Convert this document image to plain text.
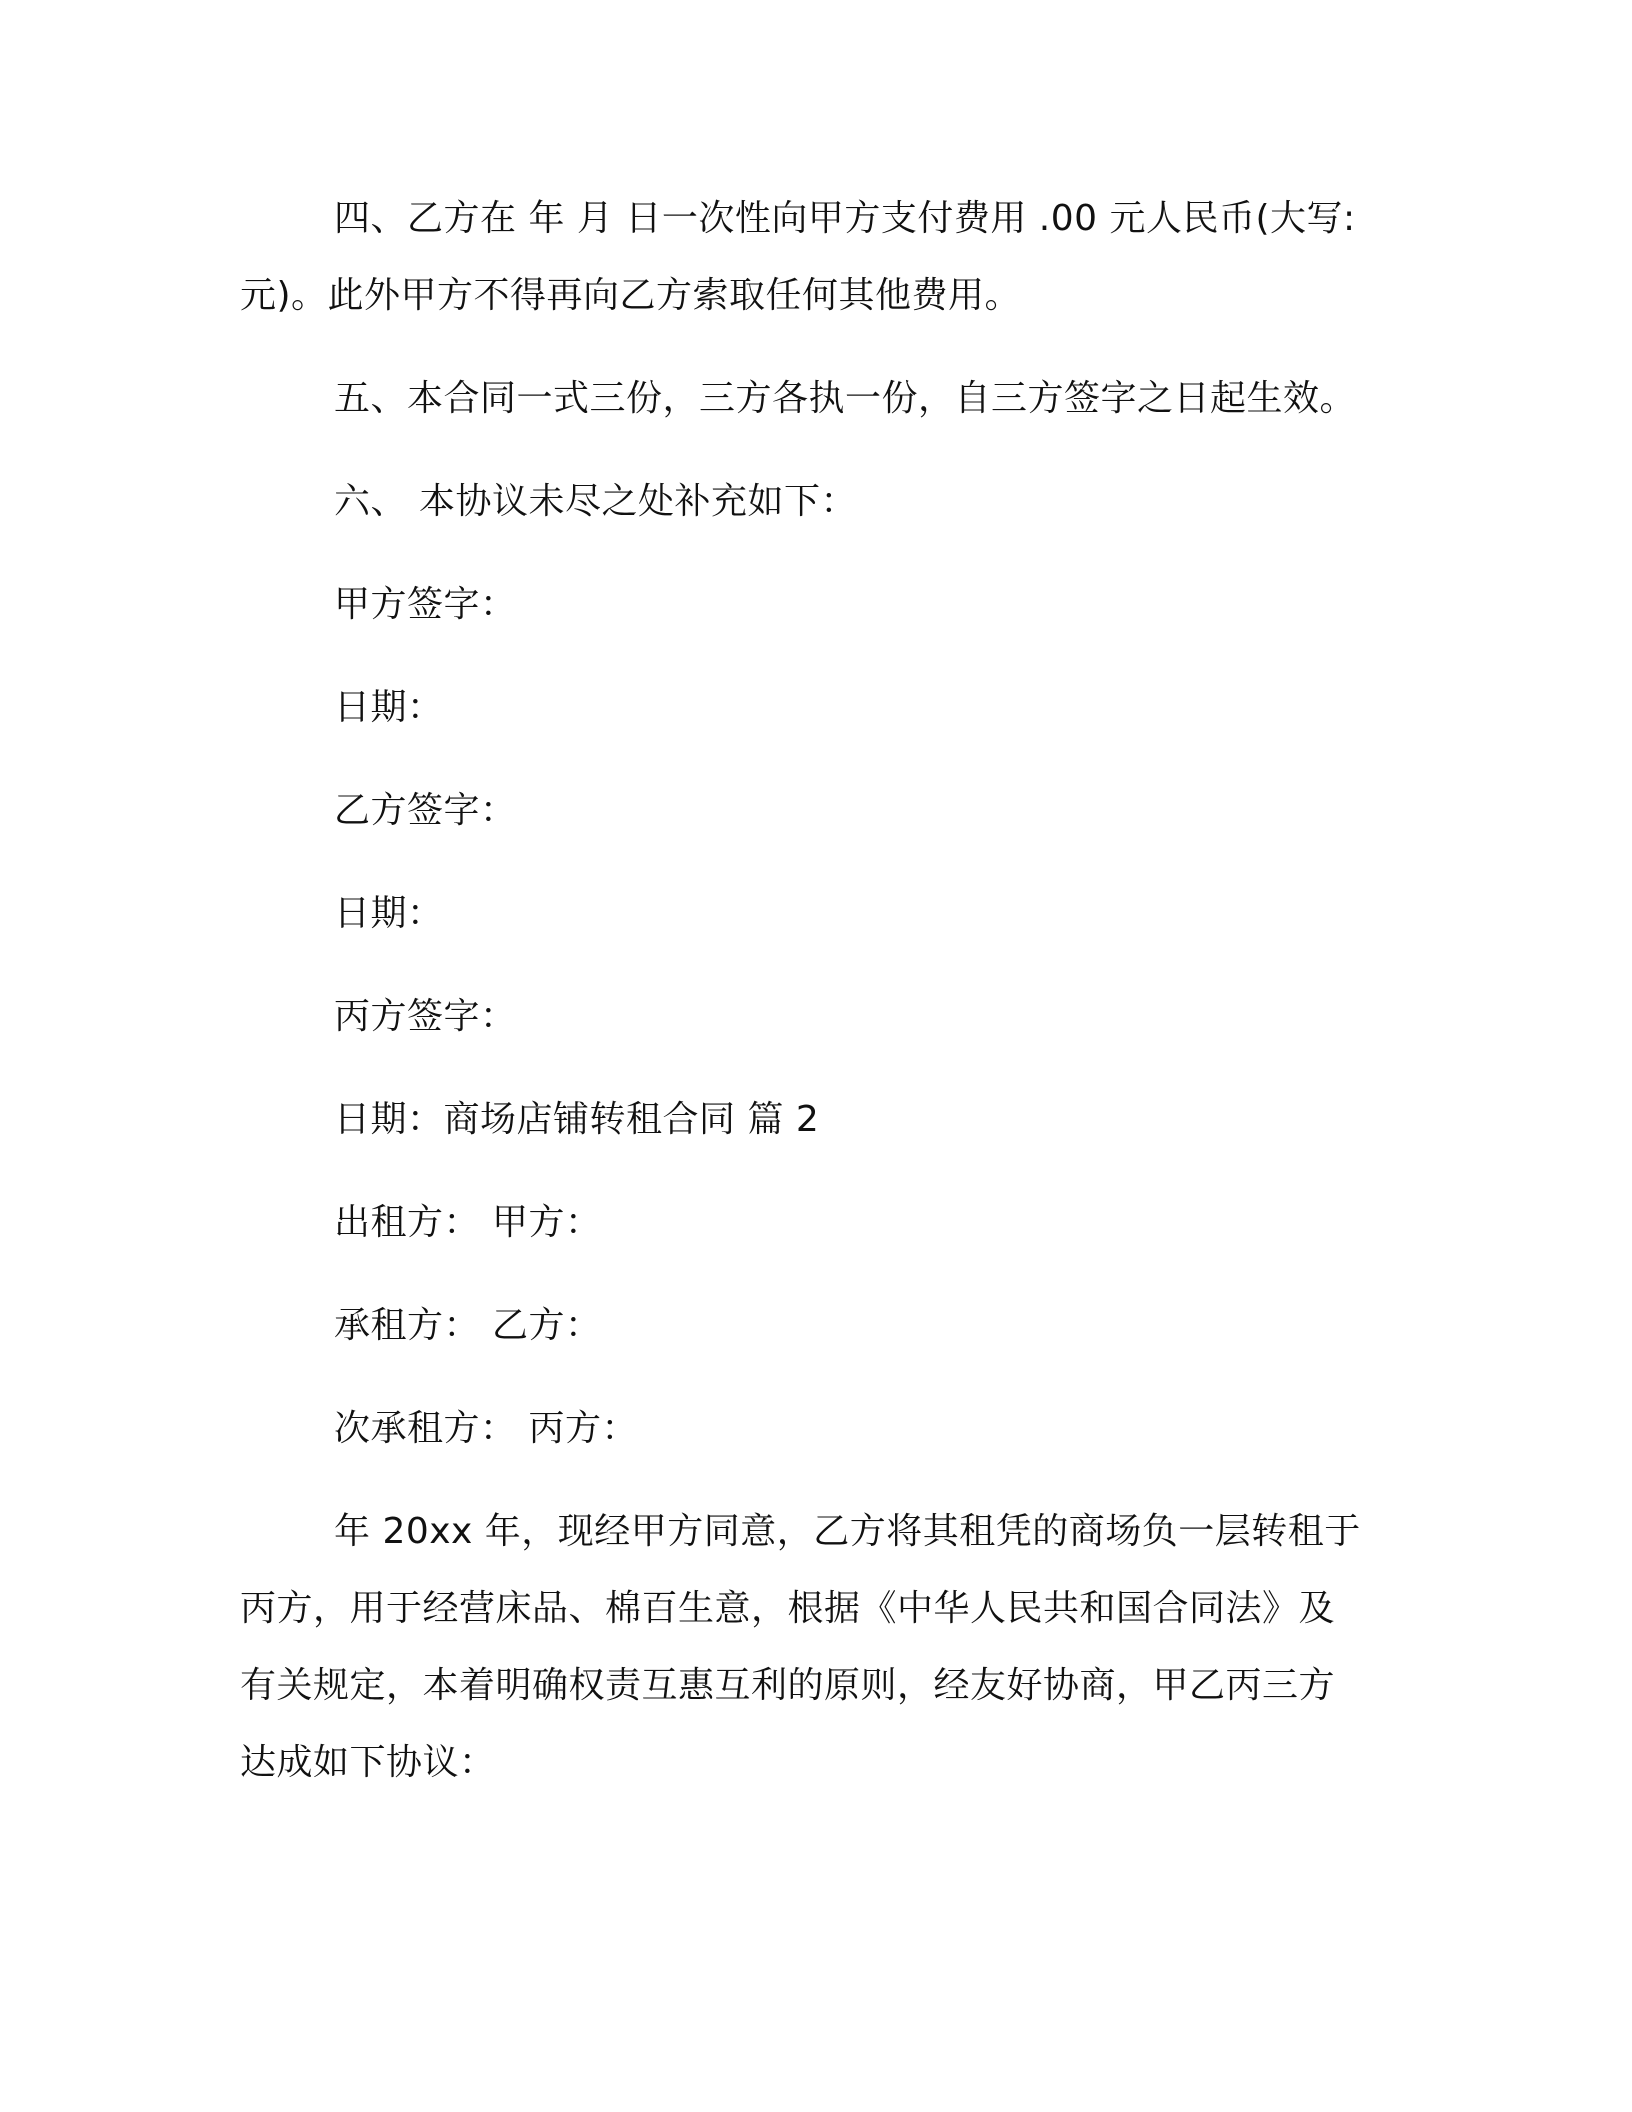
四、乙方在 年 月 日一次性向甲方支付费用 .00 元人民币(大写:
元)。此外甲方不得再向乙方索取任何其他费用。
五、本合同一式三份，三方各执一份，自三方签字之日起生效。
六、 本协议未尽之处补充如下：
甲方签字：
日期：
乙方签字：
日期：
丙方签字：
日期：商场店铺转租合同 篇 2
出租方： 甲方：
承租方： 乙方：
次承租方： 丙方：
年 20xx 年，现经甲方同意，乙方将其租凭的商场负一层转租于
丙方，用于经营床品、棉百生意，根据《中华人民共和国合同法》及
有关规定，本着明确权责互惠互利的原则，经友好协商，甲乙丙三方
达成如下协议：
